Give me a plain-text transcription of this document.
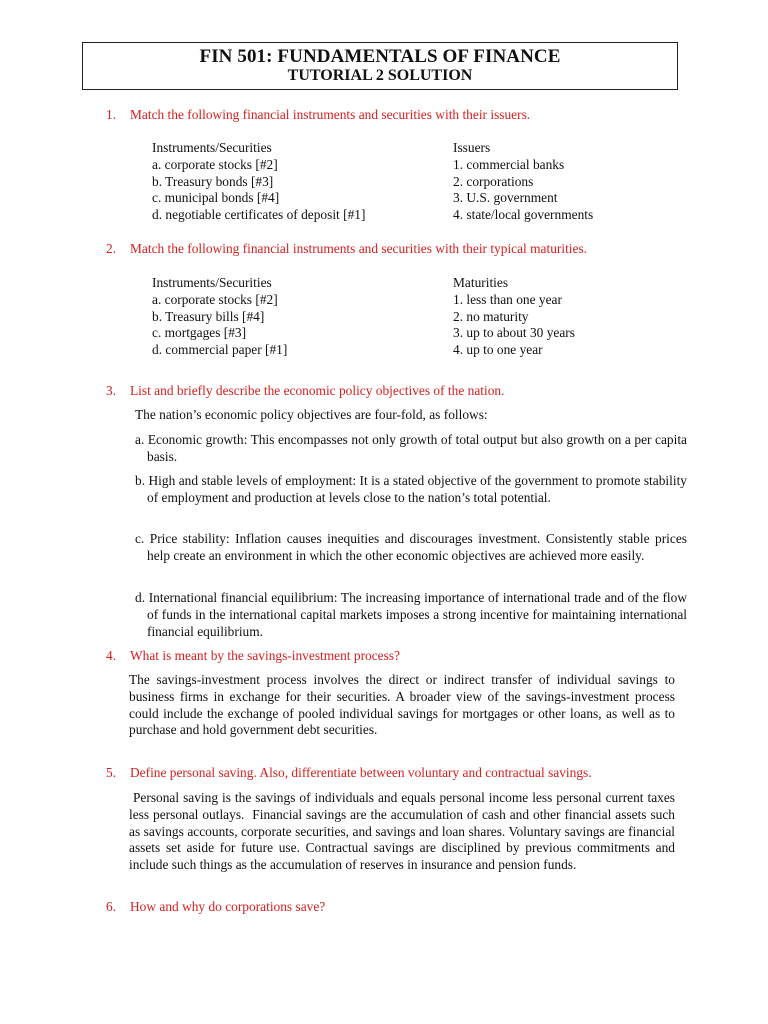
FIN 501: FUNDAMENTALS OF FINANCE
TUTORIAL 2 SOLUTION
1. Match the following financial instruments and securities with their issuers.
Instruments/Securities
a. corporate stocks [#2]
b. Treasury bonds [#3]
c. municipal bonds [#4]
d. negotiable certificates of deposit [#1]
Issuers
1. commercial banks
2. corporations
3. U.S. government
4. state/local governments
2. Match the following financial instruments and securities with their typical maturities.
Instruments/Securities
a. corporate stocks [#2]
b. Treasury bills [#4]
c. mortgages [#3]
d. commercial paper [#1]
Maturities
1. less than one year
2. no maturity
3. up to about 30 years
4. up to one year
3. List and briefly describe the economic policy objectives of the nation.
The nation’s economic policy objectives are four-fold, as follows:
a. Economic growth: This encompasses not only growth of total output but also growth on a per capita basis.
b. High and stable levels of employment: It is a stated objective of the government to promote stability of employment and production at levels close to the nation’s total potential.
c. Price stability: Inflation causes inequities and discourages investment. Consistently stable prices help create an environment in which the other economic objectives are achieved more easily.
d. International financial equilibrium: The increasing importance of international trade and of the flow of funds in the international capital markets imposes a strong incentive for maintaining international financial equilibrium.
4. What is meant by the savings-investment process?
The savings-investment process involves the direct or indirect transfer of individual savings to business firms in exchange for their securities. A broader view of the savings-investment process could include the exchange of pooled individual savings for mortgages or other loans, as well as to purchase and hold government debt securities.
5. Define personal saving. Also, differentiate between voluntary and contractual savings.
Personal saving is the savings of individuals and equals personal income less personal current taxes less personal outlays.  Financial savings are the accumulation of cash and other financial assets such as savings accounts, corporate securities, and savings and loan shares. Voluntary savings are financial assets set aside for future use. Contractual savings are disciplined by previous commitments and include such things as the accumulation of reserves in insurance and pension funds.
6. How and why do corporations save?
